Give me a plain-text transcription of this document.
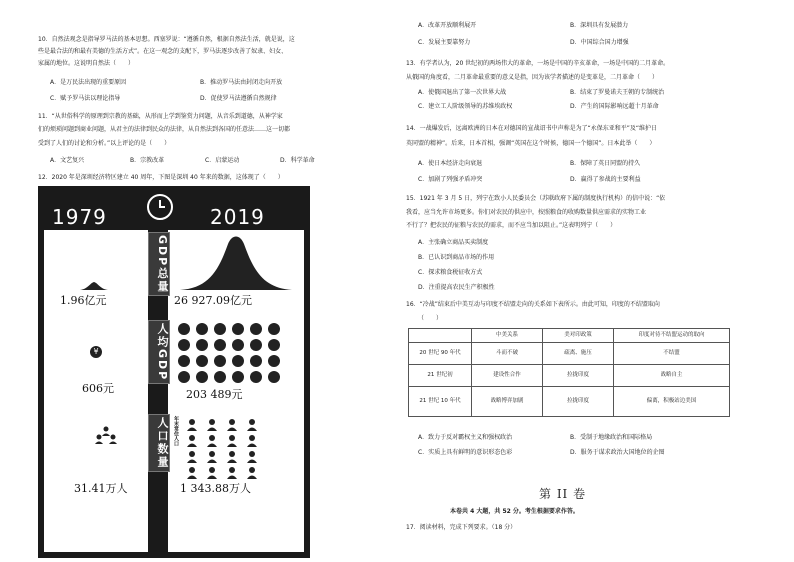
10．自然法观念是指导罗马法的基本思想。西塞罗说：“遵循自然，根据自然法生活，就是说，这
些是最合法的和最有美德的生活方式”。在这一观念的支配下，罗马法逐步改善了奴隶、妇女、
家属的地位。这说明自然法（　　）
A．是万民法出现的重要原因	B．推动罗马法由封闭走向开放
C．赋予罗马法以理论指导	D．促使罗马法遵循自然规律
11．“从世俗科学的原理到宗教的基础，从形而上学到鉴赏力问题，从音乐到道德，从神学家
们的烦琐问题到商业问题，从君主的法律到民众的法律，从自然法到各国的任意法……这一切都
受到了人们的讨论和分析。”以上评论的是（　　）
A．文艺复兴	B．宗教改革	C．启蒙运动	D．科学革命
12．2020 年是深圳经济特区建立 40 周年，下图是深圳 40 年来的数据，这体现了（　　）
1979	2019
1.96亿元	26 927.09亿元
GDP总量
人均GDP
人口数量 年末常住人口
¥
606元	203 489元
31.41万人	1 343.88万人
A．改革开放顺利展开	B．深圳具有发展潜力
C．发展主要靠努力	D．中国综合国力增强
13．有学者认为，20 世纪初的两场伟大的革命，一场是中国的辛亥革命，一场是中国的二月革命。
从俄国的角度看，二月革命最重要的意义是指，因为该学者描述的是变革是，二月革命（　　）
A．使俄国退出了第一次世界大战	B．结束了罗曼诺夫王朝的专制统治
C．建立工人阶级领导的苏维埃政权	D．产生的国际影响远超十月革命
14．一战爆发后，远离欧洲的日本在对德国的宣战诏书中声称是为了“永保东亚和平”及“维护日
英同盟的精神”。后来，日本首相，强调“英国在这个时候，德国一个德国”。日本此举（　　）
A．使日本经济走向衰退	B．保障了英日同盟的持久
C．加剧了列强矛盾冲突	D．赢得了参战的主要利益
15．1921 年 3 月 5 日，列宁在致小人民委员会（苏联政府下属的制度执行机构）的信中说：“依
我看，应当允许市场更多。你们对农民的供应中，按照粮食的收购数量供应需求的实物工业
不行了？把农民的征粮与农民的需求，而不应当加以阻止。”这表明列宁（　　）
A．主张确立商品买卖制度
B．已认识到商品市场的作用
C．探求粮食税征收方式
D．注重提高农民生产积极性
16．“冷战”结束后中美互动与印度不结盟走向的关系如下表所示。由此可知，印度的不结盟取向
（　　）
	中美关系	美对印政策	印度对待不结盟运动的取向
20 世纪 90 年代	斗而不破	疏离、施压	不结盟
21 世纪初	建设性合作	拉拢印度	战略自主
21 世纪 10 年代	战略博弈加剧	拉拢印度	偏离，积极站边美国
A．致力于反对霸权主义和强权政治	B．受制于地缘政治和国际格局
C．实质上具有鲜明的意识形态色彩	D．服务于谋求政治大国地位的企图
第 II 卷
本卷共 4 大题，共 52 分。考生根据要求作答。
17．阅读材料，完成下列要求。（18 分）
